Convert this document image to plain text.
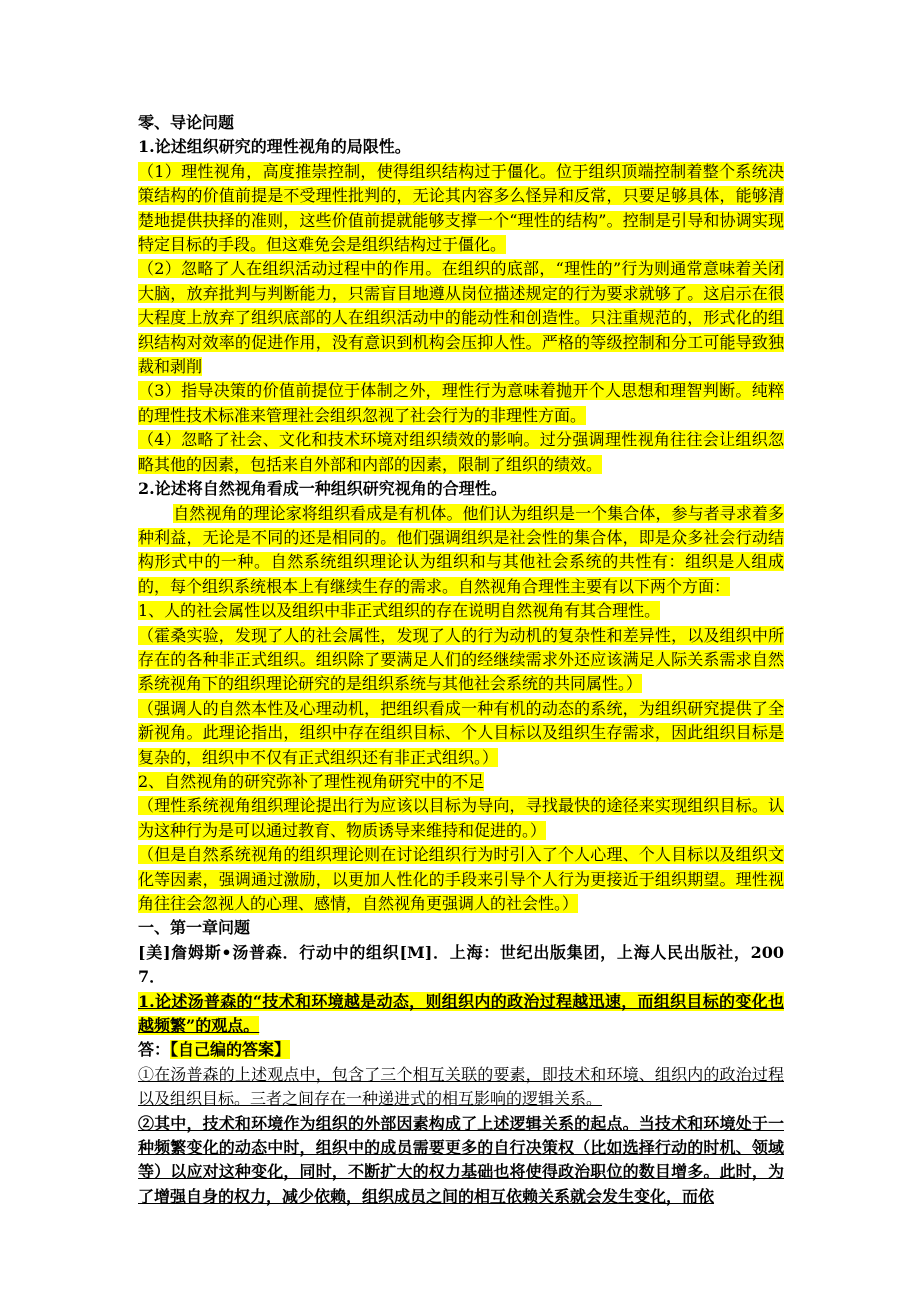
零、导论问题

1.论述组织研究的理性视角的局限性。

（1）理性视角，高度推崇控制，使得组织结构过于僵化。位于组织顶端控制着整个系统决策结构的价值前提是不受理性批判的，无论其内容多么怪异和反常，只要足够具体，能够清楚地提供抉择的准则，这些价值前提就能够支撑一个“理性的结构”。控制是引导和协调实现特定目标的手段。但这难免会是组织结构过于僵化。

（2）忽略了人在组织活动过程中的作用。在组织的底部，“理性的”行为则通常意味着关闭大脑，放弃批判与判断能力，只需盲目地遵从岗位描述规定的行为要求就够了。这启示在很大程度上放弃了组织底部的人在组织活动中的能动性和创造性。只注重规范的，形式化的组织结构对效率的促进作用，没有意识到机构会压抑人性。严格的等级控制和分工可能导致独裁和剥削

（3）指导决策的价值前提位于体制之外，理性行为意味着抛开个人思想和理智判断。纯粹的理性技术标准来管理社会组织忽视了社会行为的非理性方面。

（4）忽略了社会、文化和技术环境对组织绩效的影响。过分强调理性视角往往会让组织忽略其他的因素，包括来自外部和内部的因素，限制了组织的绩效。

2.论述将自然视角看成一种组织研究视角的合理性。

自然视角的理论家将组织看成是有机体。他们认为组织是一个集合体，参与者寻求着多种利益，无论是不同的还是相同的。他们强调组织是社会性的集合体，即是众多社会行动结构形式中的一种。自然系统组织理论认为组织和与其他社会系统的共性有：组织是人组成的，每个组织系统根本上有继续生存的需求。自然视角合理性主要有以下两个方面：

1、人的社会属性以及组织中非正式组织的存在说明自然视角有其合理性。

（霍桑实验，发现了人的社会属性，发现了人的行为动机的复杂性和差异性，以及组织中所存在的各种非正式组织。组织除了要满足人们的经继续需求外还应该满足人际关系需求自然系统视角下的组织理论研究的是组织系统与其他社会系统的共同属性。）

（强调人的自然本性及心理动机，把组织看成一种有机的动态的系统，为组织研究提供了全新视角。此理论指出，组织中存在组织目标、个人目标以及组织生存需求，因此组织目标是复杂的，组织中不仅有正式组织还有非正式组织。）

2、自然视角的研究弥补了理性视角研究中的不足

（理性系统视角组织理论提出行为应该以目标为导向，寻找最快的途径来实现组织目标。认为这种行为是可以通过教育、物质诱导来维持和促进的。）

（但是自然系统视角的组织理论则在讨论组织行为时引入了个人心理、个人目标以及组织文化等因素，强调通过激励，以更加人性化的手段来引导个人行为更接近于组织期望。理性视角往往会忽视人的心理、感情，自然视角更强调人的社会性。）

一、第一章问题

[美]詹姆斯•汤普森．行动中的组织[M]．上海：世纪出版集团，上海人民出版社，2007．

1.论述汤普森的“技术和环境越是动态，则组织内的政治过程越迅速，而组织目标的变化也越频繁”的观点。

答：【自己编的答案】

①在汤普森的上述观点中，包含了三个相互关联的要素，即技术和环境、组织内的政治过程以及组织目标。三者之间存在一种递进式的相互影响的逻辑关系。

②其中，技术和环境作为组织的外部因素构成了上述逻辑关系的起点。当技术和环境处于一种频繁变化的动态中时，组织中的成员需要更多的自行决策权（比如选择行动的时机、领域等）以应对这种变化，同时，不断扩大的权力基础也将使得政治职位的数目增多。此时，为了增强自身的权力，减少依赖，组织成员之间的相互依赖关系就会发生变化，而依
